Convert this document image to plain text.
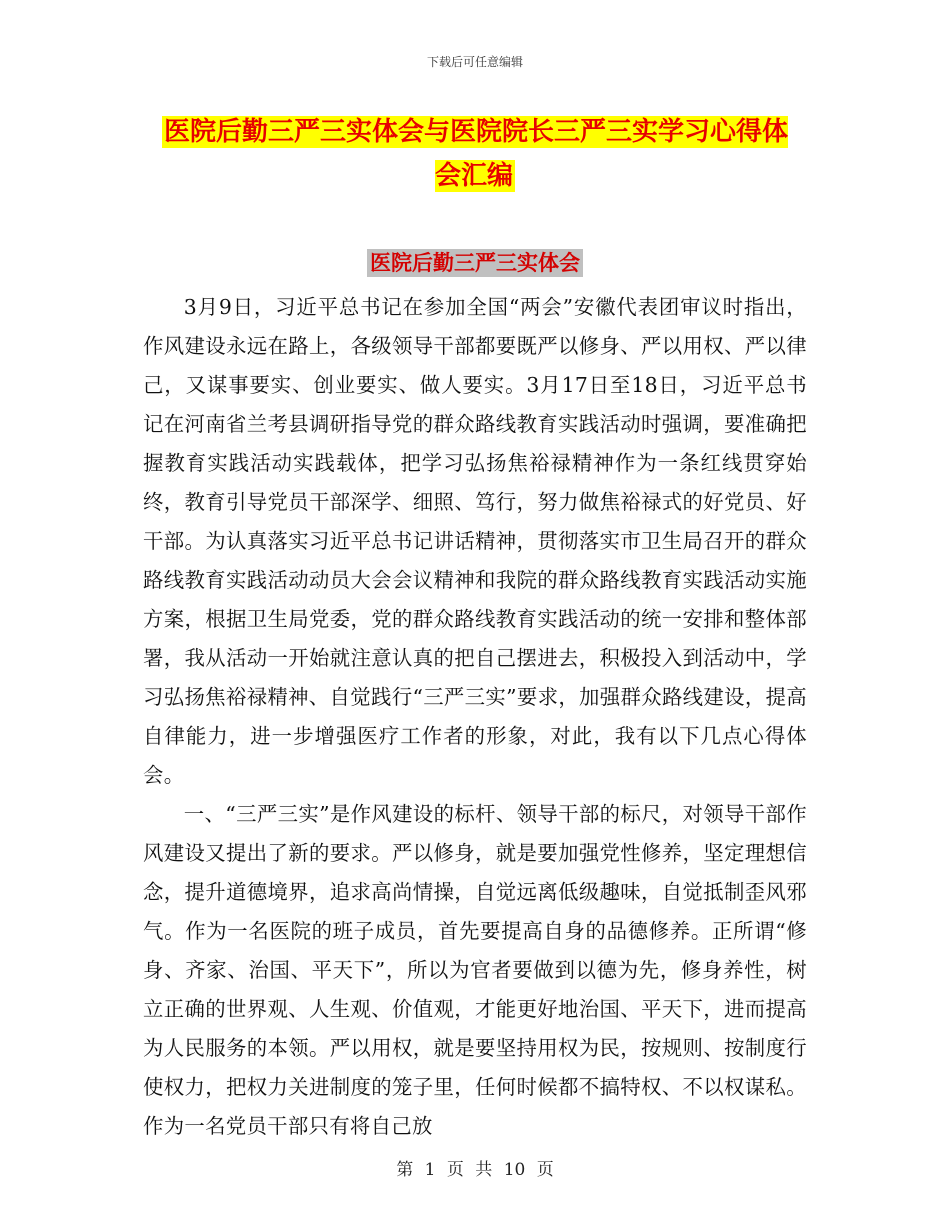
下载后可任意编辑
医院后勤三严三实体会与医院院长三严三实学习心得体会汇编
医院后勤三严三实体会

3月9日，习近平总书记在参加全国“两会”安徽代表团审议时指出，作风建设永远在路上，各级领导干部都要既严以修身、严以用权、严以律己，又谋事要实、创业要实、做人要实。3月17日至18日，习近平总书记在河南省兰考县调研指导党的群众路线教育实践活动时强调，要准确把握教育实践活动实践载体，把学习弘扬焦裕禄精神作为一条红线贯穿始终，教育引导党员干部深学、细照、笃行，努力做焦裕禄式的好党员、好干部。为认真落实习近平总书记讲话精神，贯彻落实市卫生局召开的群众路线教育实践活动动员大会会议精神和我院的群众路线教育实践活动实施方案，根据卫生局党委，党的群众路线教育实践活动的统一安排和整体部署，我从活动一开始就注意认真的把自己摆进去，积极投入到活动中，学习弘扬焦裕禄精神、自觉践行“三严三实”要求，加强群众路线建设，提高自律能力，进一步增强医疗工作者的形象，对此，我有以下几点心得体会。

一、“三严三实”是作风建设的标杆、领导干部的标尺，对领导干部作风建设又提出了新的要求。严以修身，就是要加强党性修养，坚定理想信念，提升道德境界，追求高尚情操，自觉远离低级趣味，自觉抵制歪风邪气。作为一名医院的班子成员，首先要提高自身的品德修养。正所谓“修身、齐家、治国、平天下”，所以为官者要做到以德为先，修身养性，树立正确的世界观、人生观、价值观，才能更好地治国、平天下，进而提高为人民服务的本领。严以用权，就是要坚持用权为民，按规则、按制度行使权力，把权力关进制度的笼子里，任何时候都不搞特权、不以权谋私。作为一名党员干部只有将自己放

第 1 页 共 10 页
